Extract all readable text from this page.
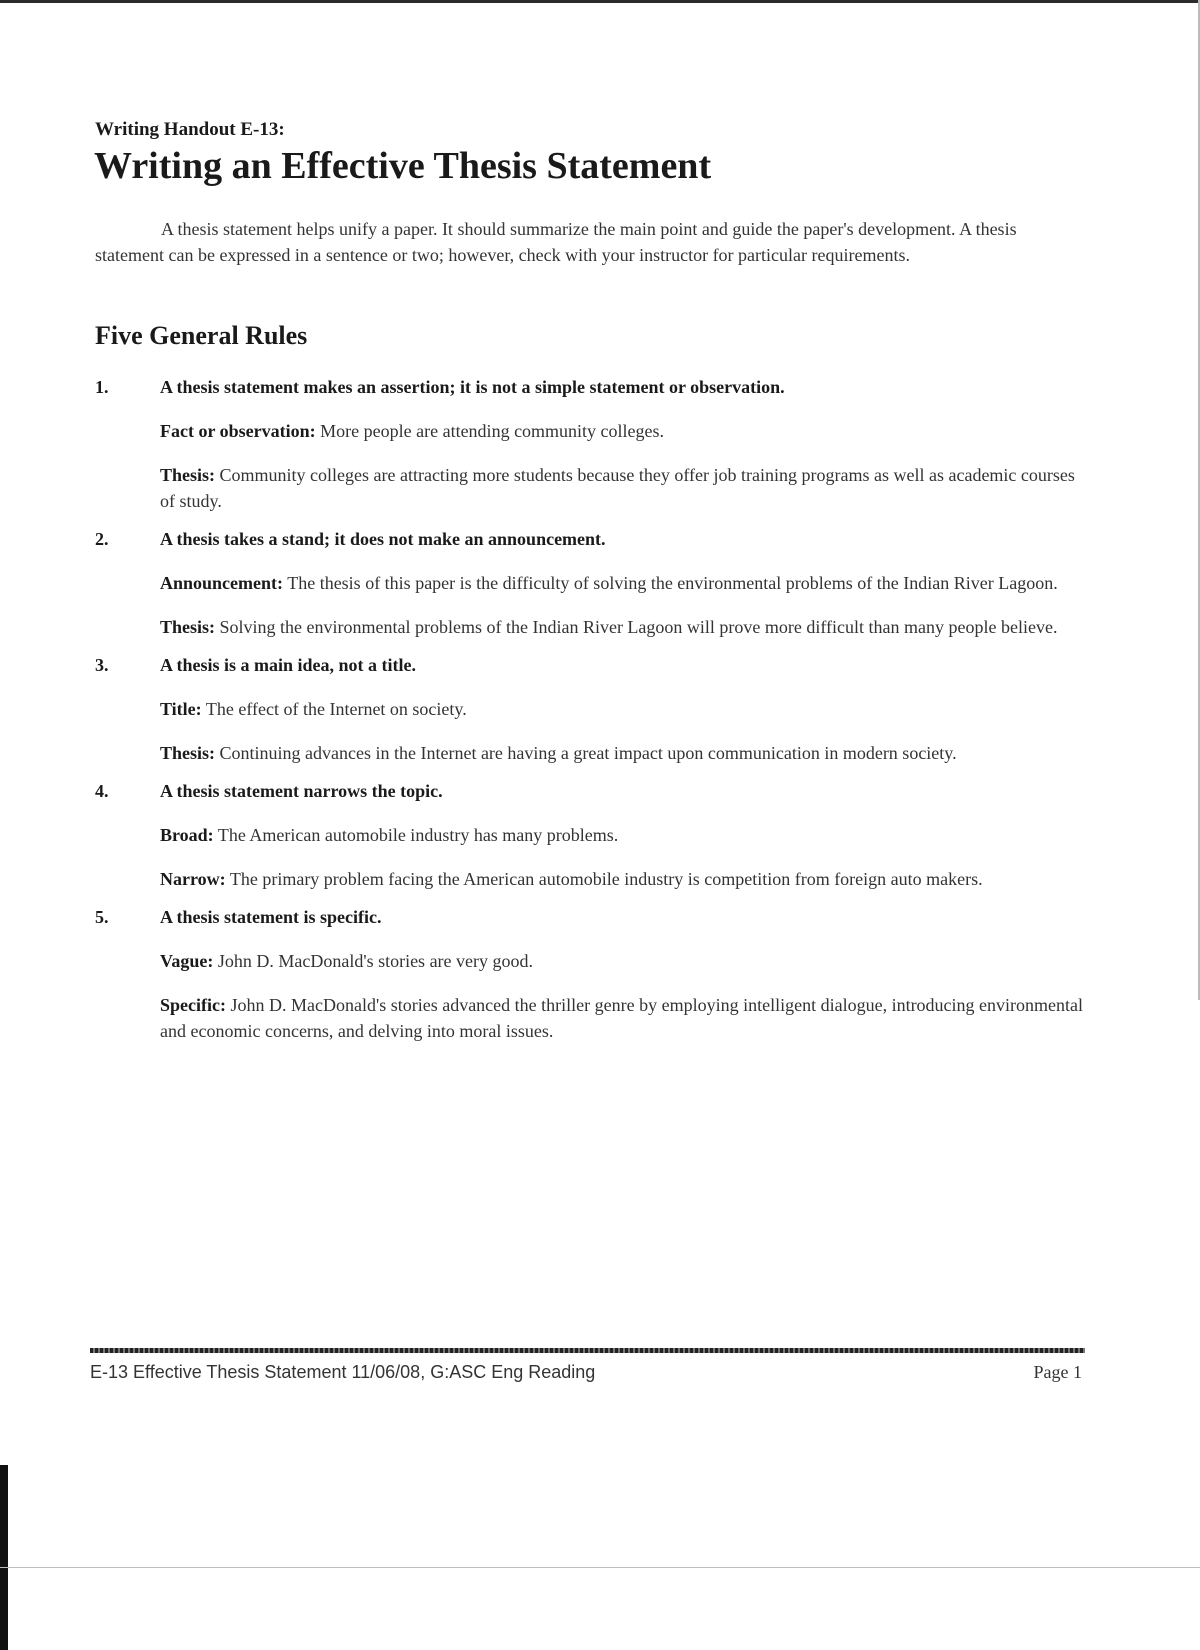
Writing Handout E-13:

Writing an Effective Thesis Statement

A thesis statement helps unify a paper. It should summarize the main point and guide the paper's development. A thesis statement can be expressed in a sentence or two; however, check with your instructor for particular requirements.

Five General Rules
1.	A thesis statement makes an assertion; it is not a simple statement or observation.

Fact or observation: More people are attending community colleges.

Thesis: Community colleges are attracting more students because they offer job training programs as well as academic courses of study.

2.	A thesis takes a stand; it does not make an announcement.

Announcement: The thesis of this paper is the difficulty of solving the environmental problems of the Indian River Lagoon.

Thesis: Solving the environmental problems of the Indian River Lagoon will prove more difficult than many people believe.

3.	A thesis is a main idea, not a title.

Title: The effect of the Internet on society.

Thesis: Continuing advances in the Internet are having a great impact upon communication in modern society.

4.	A thesis statement narrows the topic.

Broad: The American automobile industry has many problems.

Narrow: The primary problem facing the American automobile industry is competition from foreign auto makers.

5.	A thesis statement is specific.

Vague: John D. MacDonald's stories are very good.

Specific: John D. MacDonald's stories advanced the thriller genre by employing intelligent dialogue, introducing environmental and economic concerns, and delving into moral issues.

E-13 Effective Thesis Statement 11/06/08, G:ASC Eng Reading	Page 1
